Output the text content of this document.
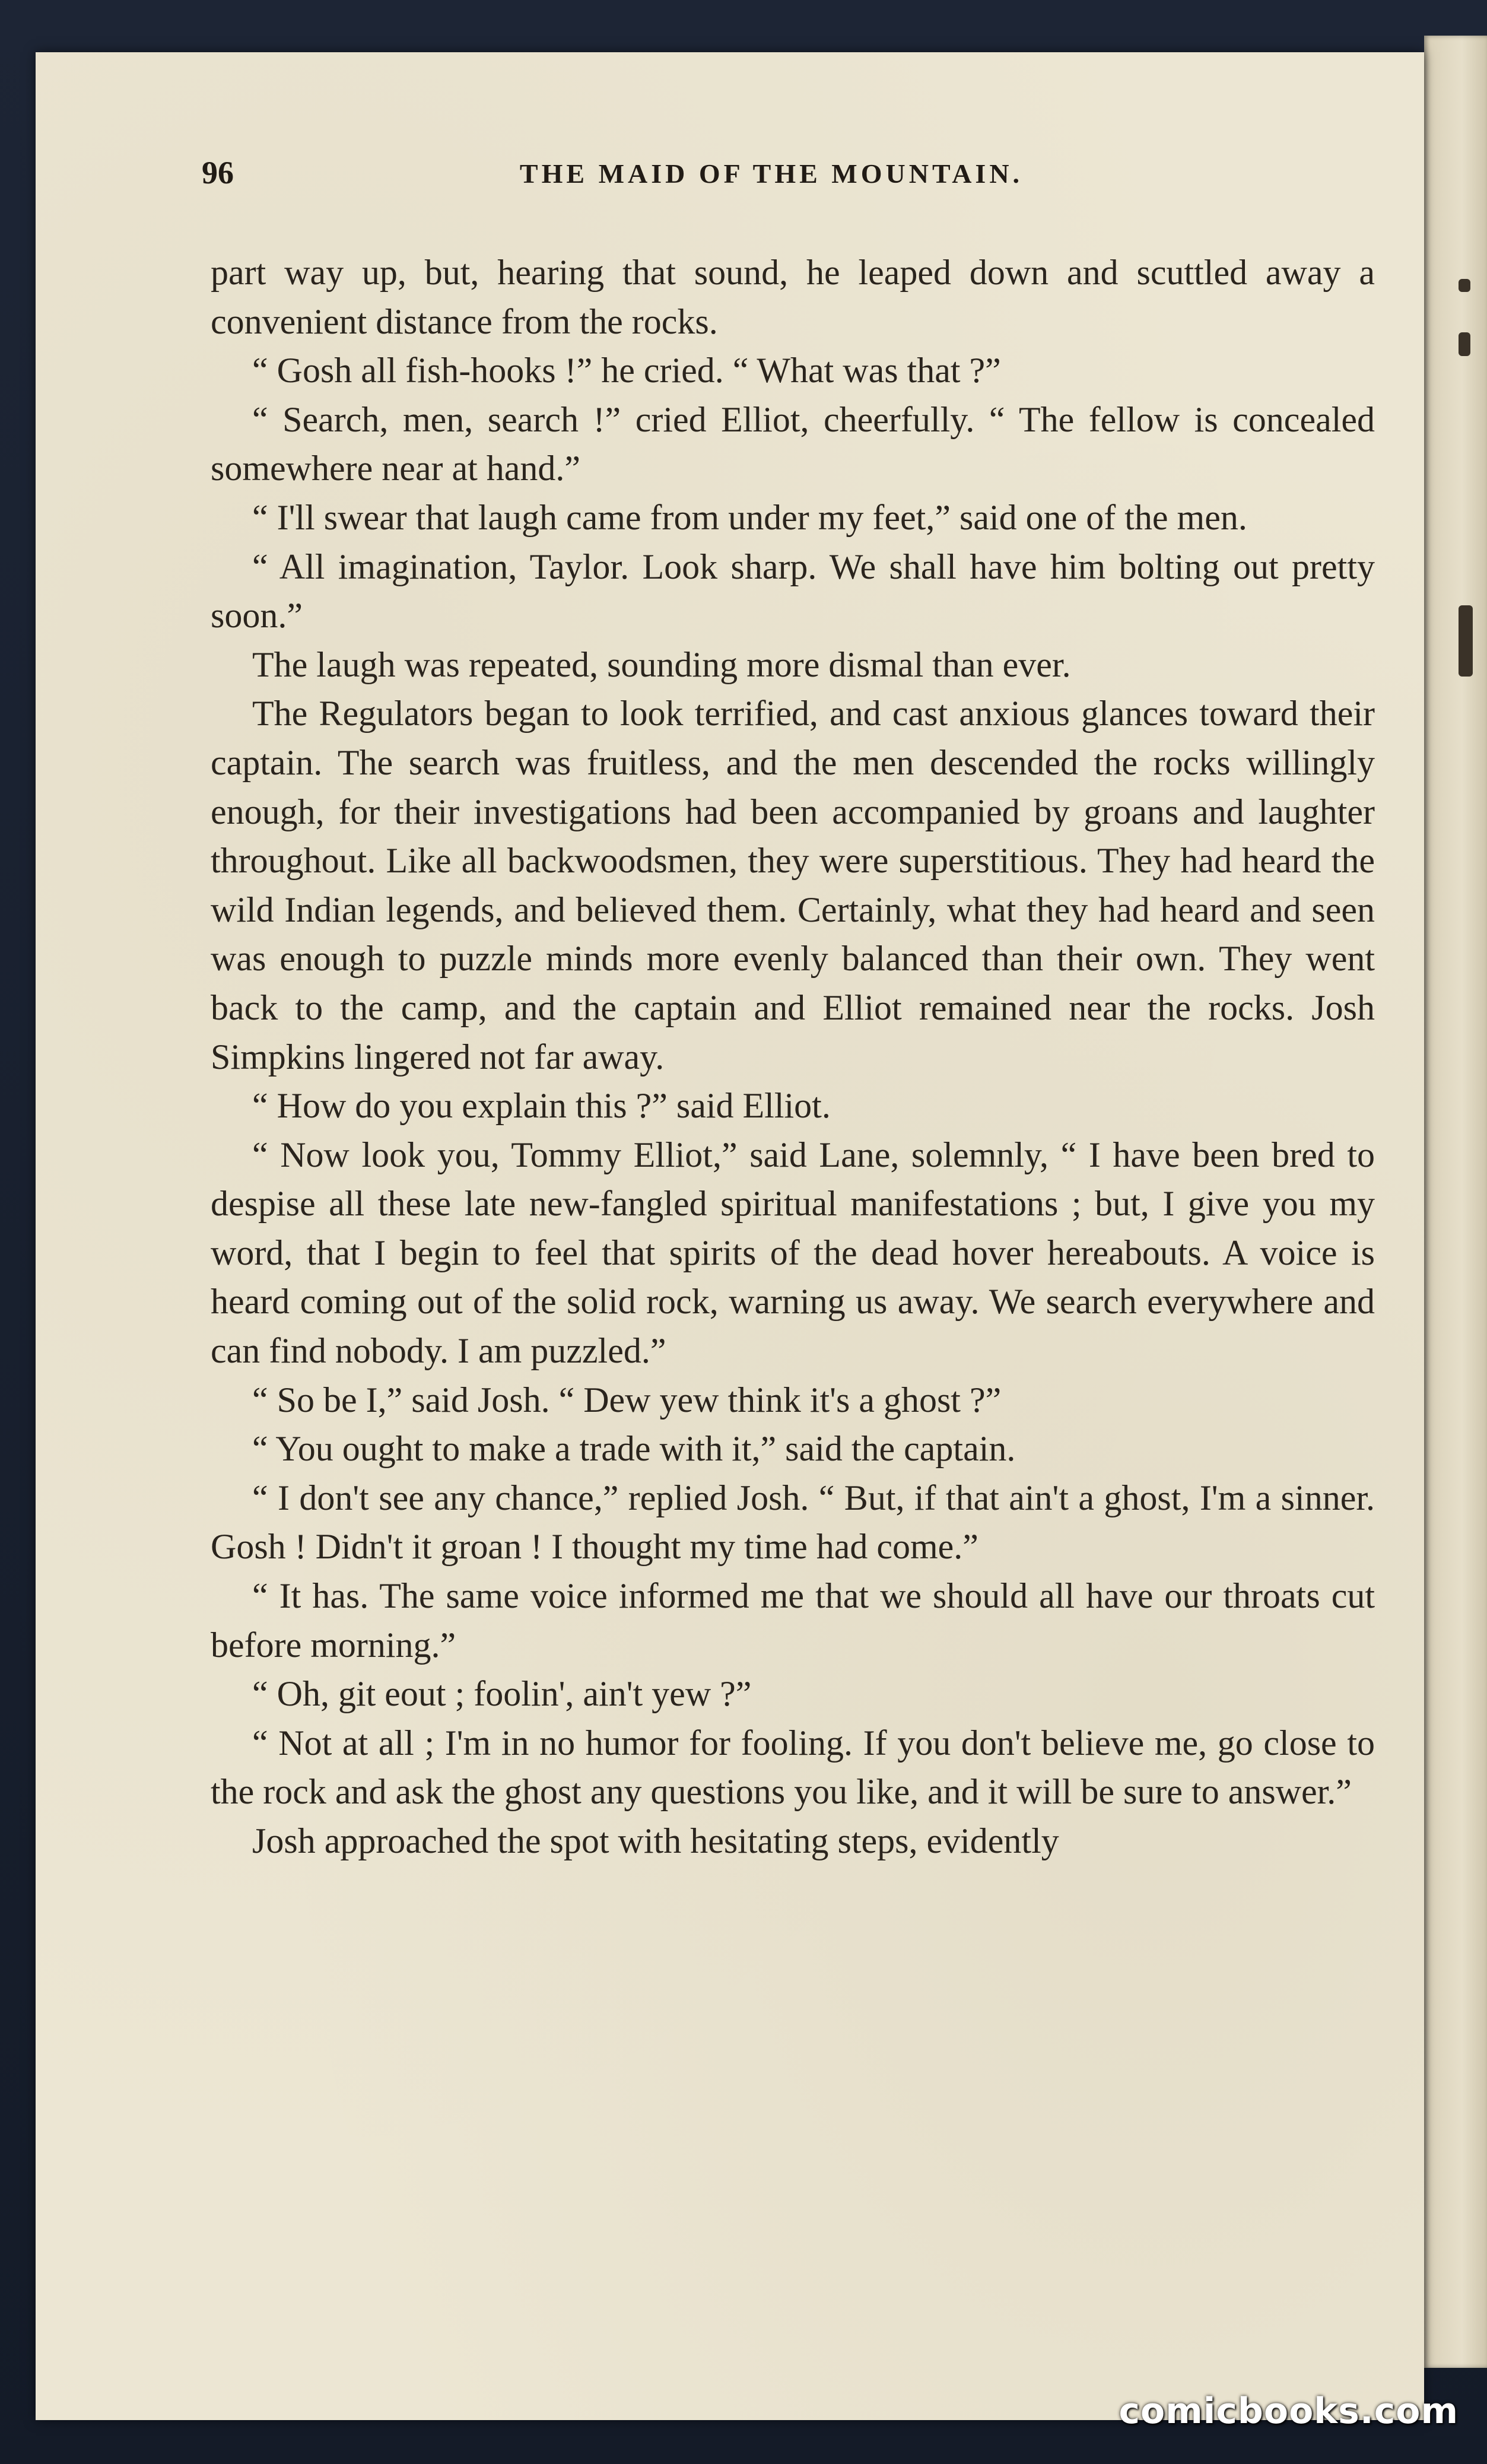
96	THE MAID OF THE MOUNTAIN.

part way up, but, hearing that sound, he leaped down and scuttled away a convenient distance from the rocks.

“ Gosh all fish-hooks !” he cried. “ What was that ?”

“ Search, men, search !” cried Elliot, cheerfully. “ The fellow is concealed somewhere near at hand.”

“ I'll swear that laugh came from under my feet,” said one of the men.

“ All imagination, Taylor. Look sharp. We shall have him bolting out pretty soon.”

The laugh was repeated, sounding more dismal than ever.

The Regulators began to look terrified, and cast anxious glances toward their captain. The search was fruitless, and the men descended the rocks willingly enough, for their investigations had been accompanied by groans and laughter throughout. Like all backwoodsmen, they were superstitious. They had heard the wild Indian legends, and believed them. Certainly, what they had heard and seen was enough to puzzle minds more evenly balanced than their own. They went back to the camp, and the captain and Elliot remained near the rocks. Josh Simpkins lingered not far away.

“ How do you explain this ?” said Elliot.

“ Now look you, Tommy Elliot,” said Lane, solemnly, “ I have been bred to despise all these late new-fangled spiritual manifestations ; but, I give you my word, that I begin to feel that spirits of the dead hover hereabouts. A voice is heard coming out of the solid rock, warning us away. We search everywhere and can find nobody. I am puzzled.”

“ So be I,” said Josh. “ Dew yew think it's a ghost ?”

“ You ought to make a trade with it,” said the captain.

“ I don't see any chance,” replied Josh. “ But, if that ain't a ghost, I'm a sinner. Gosh ! Didn't it groan ! I thought my time had come.”

“ It has. The same voice informed me that we should all have our throats cut before morning.”

“ Oh, git eout ; foolin', ain't yew ?”

“ Not at all ; I'm in no humor for fooling. If you don't believe me, go close to the rock and ask the ghost any questions you like, and it will be sure to answer.”

Josh approached the spot with hesitating steps, evidently

comicbooks.com
